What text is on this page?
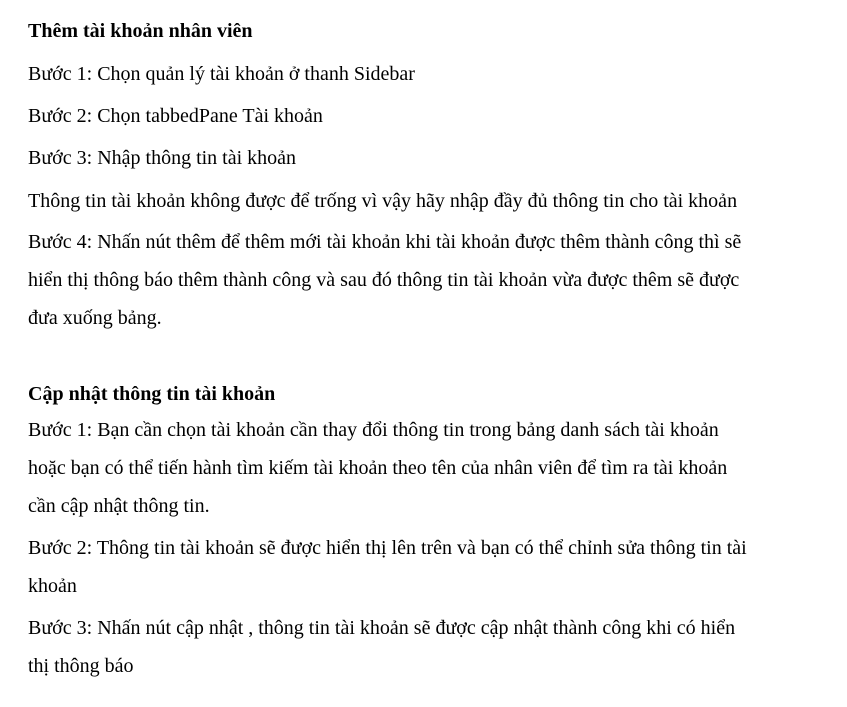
Thêm tài khoản nhân viên

Bước 1: Chọn quản lý tài khoản ở thanh Sidebar

Bước 2: Chọn tabbedPane Tài khoản

Bước 3: Nhập thông tin tài khoản

Thông tin tài khoản không được để trống vì vậy hãy nhập đầy đủ thông tin cho tài khoản

Bước 4: Nhấn nút thêm để thêm mới tài khoản khi tài khoản được thêm thành công thì sẽ
hiển thị thông báo thêm thành công và sau đó thông tin tài khoản vừa được thêm sẽ được
đưa xuống bảng.

Cập nhật thông tin tài khoản

Bước 1: Bạn cần chọn tài khoản cần thay đổi thông tin trong bảng danh sách tài khoản
hoặc bạn có thể tiến hành tìm kiếm tài khoản theo tên của nhân viên để tìm ra tài khoản
cần cập nhật thông tin.
Bước 2: Thông tin tài khoản sẽ được hiển thị lên trên và bạn có thể chỉnh sửa thông tin tài
khoản
Bước 3: Nhấn nút cập nhật , thông tin tài khoản sẽ được cập nhật thành công khi có hiển
thị thông báo
